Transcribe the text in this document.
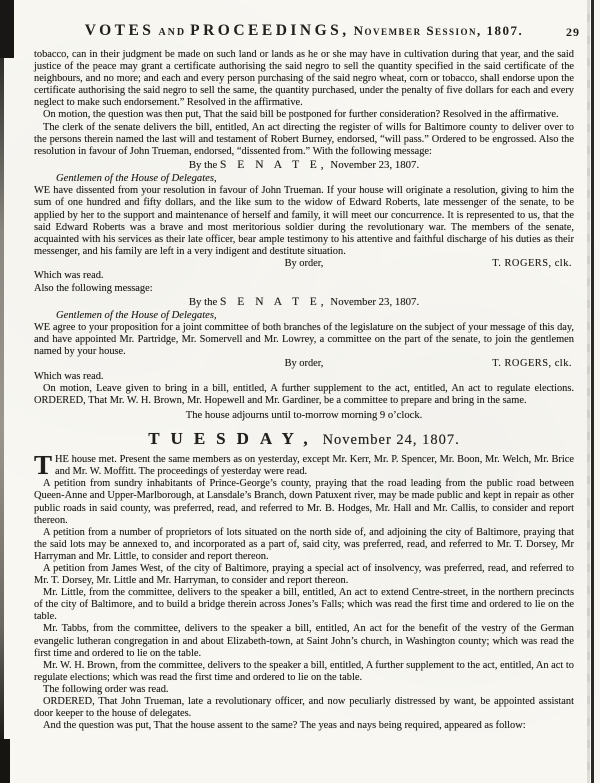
VOTES AND PROCEEDINGS, November Session, 1807.	29

tobacco, can in their judgment be made on such land or lands as he or she may have in cultivation during that year, and the said justice of the peace may grant a certificate authorising the said negro to sell the quantity specified in the said certificate of the neighbours, and no more; and each and every person purchasing of the said negro wheat, corn or tobacco, shall endorse upon the certificate authorising the said negro to sell the same, the quantity purchased, under the penalty of five dollars for each and every neglect to make such endorsement.” Resolved in the affirmative.

On motion, the question was then put, That the said bill be postponed for further consideration? Resolved in the affirmative.

The clerk of the senate delivers the bill, entitled, An act directing the register of wills for Baltimore county to deliver over to the persons therein named the last will and testament of Robert Burney, endorsed, “will pass.” Ordered to be engrossed. Also the resolution in favour of John Trueman, endorsed, “dissented from.” With the following message:

By the S E N A T E, November 23, 1807.

Gentlemen of the House of Delegates,

WE have dissented from your resolution in favour of John Trueman. If your house will originate a resolution, giving to him the sum of one hundred and fifty dollars, and the like sum to the widow of Edward Roberts, late messenger of the senate, to be applied by her to the support and maintenance of herself and family, it will meet our concurrence. It is represented to us, that the said Edward Roberts was a brave and most meritorious soldier during the revolutionary war. The members of the senate, acquainted with his services as their late officer, bear ample testimony to his attentive and faithful discharge of his duties as their messenger, and his family are left in a very indigent and destitute situation.

By order,	T. ROGERS, clk.

Which was read.

Also the following message:

By the S E N A T E, November 23, 1807.

Gentlemen of the House of Delegates,

WE agree to your proposition for a joint committee of both branches of the legislature on the subject of your message of this day, and have appointed Mr. Partridge, Mr. Somervell and Mr. Lowrey, a committee on the part of the senate, to join the gentlemen named by your house.

By order,	T. ROGERS, clk.

Which was read.

On motion, Leave given to bring in a bill, entitled, A further supplement to the act, entitled, An act to regulate elections. ORDERED, That Mr. W. H. Brown, Mr. Hopewell and Mr. Gardiner, be a committee to prepare and bring in the same.

The house adjourns until to-morrow morning 9 o’clock.
TUESDAY, November 24, 1807.

THE house met. Present the same members as on yesterday, except Mr. Kerr, Mr. P. Spencer, Mr. Boon, Mr. Welch, Mr. Brice and Mr. W. Moffitt. The proceedings of yesterday were read.

A petition from sundry inhabitants of Prince-George’s county, praying that the road leading from the public road between Queen-Anne and Upper-Marlborough, at Lansdale’s Branch, down Patuxent river, may be made public and kept in repair as other public roads in said county, was preferred, read, and referred to Mr. B. Hodges, Mr. Hall and Mr. Callis, to consider and report thereon.

A petition from a number of proprietors of lots situated on the north side of, and adjoining the city of Baltimore, praying that the said lots may be annexed to, and incorporated as a part of, said city, was preferred, read, and referred to Mr. T. Dorsey, Mr Harryman and Mr. Little, to consider and report thereon.

A petition from James West, of the city of Baltimore, praying a special act of insolvency, was preferred, read, and referred to Mr. T. Dorsey, Mr. Little and Mr. Harryman, to consider and report thereon.

Mr. Little, from the committee, delivers to the speaker a bill, entitled, An act to extend Centre-street, in the northern precincts of the city of Baltimore, and to build a bridge therein across Jones’s Falls; which was read the first time and ordered to lie on the table.

Mr. Tabbs, from the committee, delivers to the speaker a bill, entitled, An act for the benefit of the vestry of the German evangelic lutheran congregation in and about Elizabeth-town, at Saint John’s church, in Washington county; which was read the first time and ordered to lie on the table.

Mr. W. H. Brown, from the committee, delivers to the speaker a bill, entitled, A further supplement to the act, entitled, An act to regulate elections; which was read the first time and ordered to lie on the table.

The following order was read.

ORDERED, That John Trueman, late a revolutionary officer, and now peculiarly distressed by want, be appointed assistant door keeper to the house of delegates.

And the question was put, That the house assent to the same? The yeas and nays being required, appeared as follow:
